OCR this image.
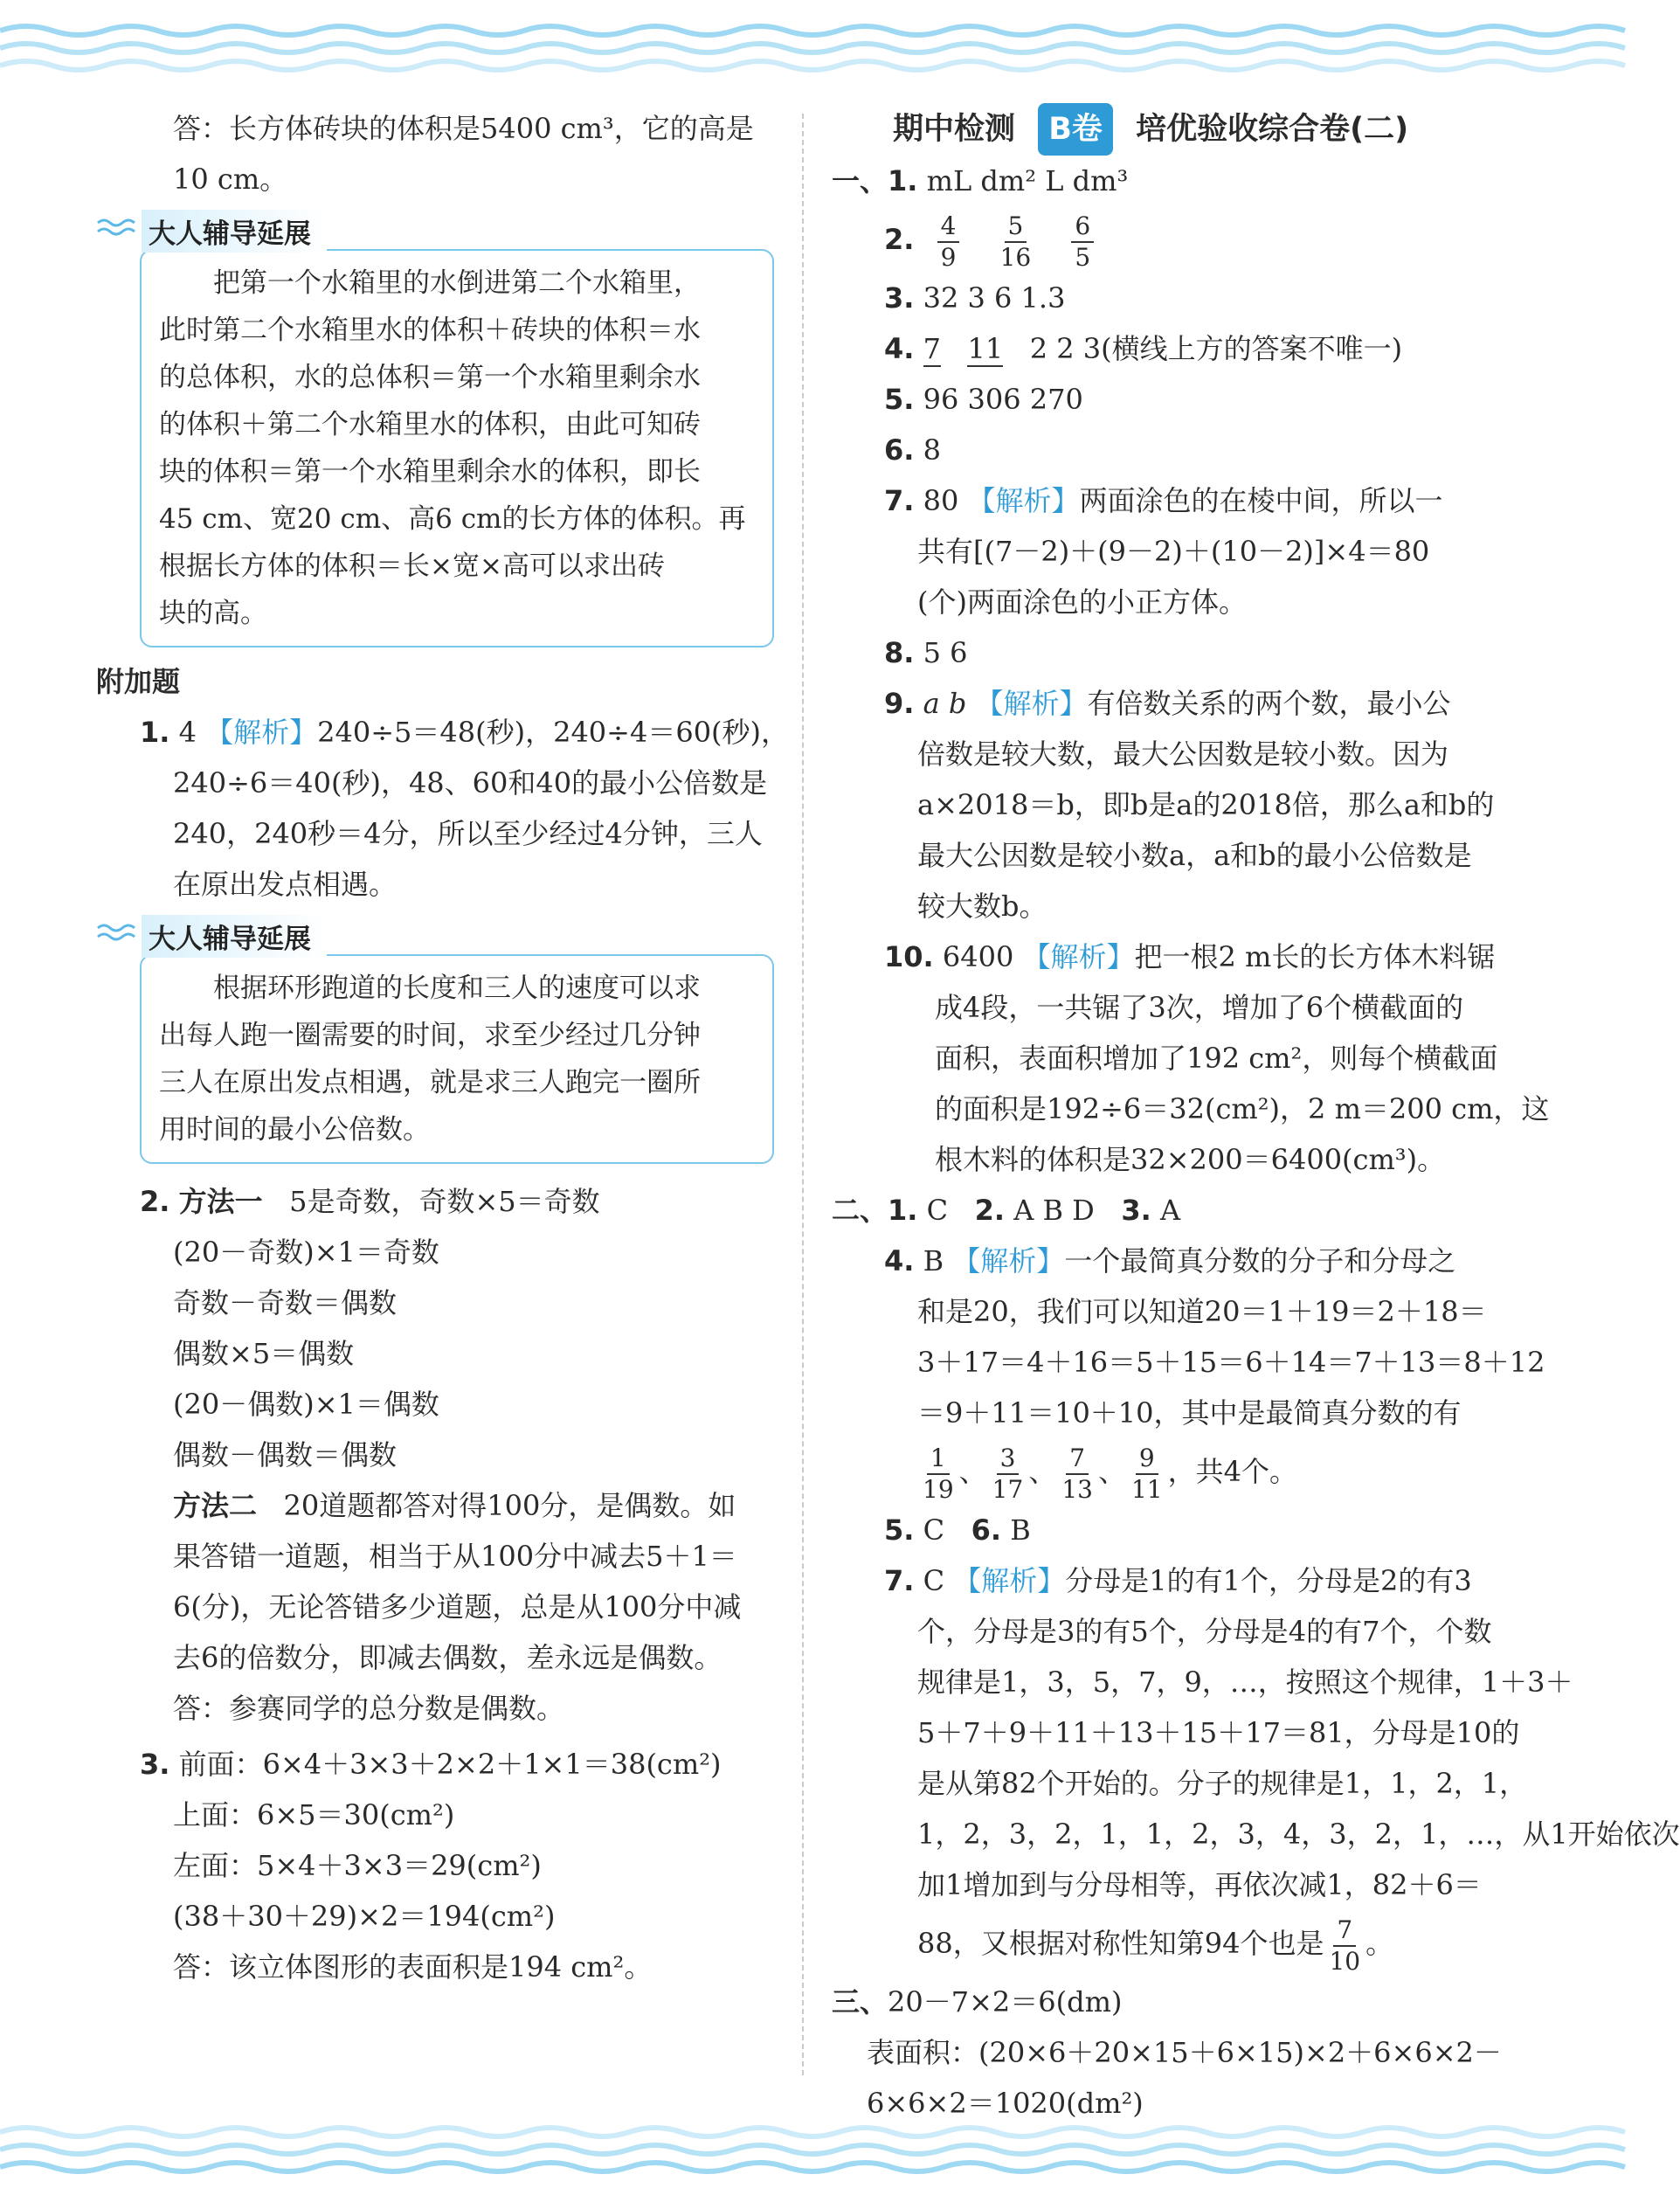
答：长方体砖块的体积是5400 cm³，它的高是

10 cm。

大人辅导延展

把第一个水箱里的水倒进第二个水箱里，

此时第二个水箱里水的体积＋砖块的体积＝水

的总体积，水的总体积＝第一个水箱里剩余水

的体积＋第二个水箱里水的体积，由此可知砖

块的体积＝第一个水箱里剩余水的体积，即长

45 cm、宽20 cm、高6 cm的长方体的体积。再

根据长方体的体积＝长×宽×高可以求出砖

块的高。

附加题

1. 4 【解析】240÷5＝48(秒)，240÷4＝60(秒)，

240÷6＝40(秒)，48、60和40的最小公倍数是

240，240秒＝4分，所以至少经过4分钟，三人

在原出发点相遇。

大人辅导延展

根据环形跑道的长度和三人的速度可以求

出每人跑一圈需要的时间，求至少经过几分钟

三人在原出发点相遇，就是求三人跑完一圈所

用时间的最小公倍数。

2. 方法一 5是奇数，奇数×5＝奇数

(20－奇数)×1＝奇数

奇数－奇数＝偶数

偶数×5＝偶数

(20－偶数)×1＝偶数

偶数－偶数＝偶数

方法二 20道题都答对得100分，是偶数。如

果答错一道题，相当于从100分中减去5＋1＝

6(分)，无论答错多少道题，总是从100分中减

去6的倍数分，即减去偶数，差永远是偶数。

答：参赛同学的总分数是偶数。

3. 前面：6×4＋3×3＋2×2＋1×1＝38(cm²)

上面：6×5＝30(cm²)

左面：5×4＋3×3＝29(cm²)

(38＋30＋29)×2＝194(cm²)

答：该立体图形的表面积是194 cm²。

期中检测 B卷 培优验收综合卷(二)

一、1. mL dm² L dm³

2. $\frac{4}{9}$
$\frac{5}{16}$
$\frac{6}{5}$

3. 32 3 6 1.3

4. 7 11 2 2 3(横线上方的答案不唯一)

5. 96 306 270

6. 8

7. 80 【解析】两面涂色的在棱中间，所以一

共有[(7－2)＋(9－2)＋(10－2)]×4＝80

(个)两面涂色的小正方体。

8. 5 6

9. a b 【解析】有倍数关系的两个数，最小公

倍数是较大数，最大公因数是较小数。因为

a×2018＝b，即b是a的2018倍，那么a和b的

最大公因数是较小数a，a和b的最小公倍数是

较大数b。

10. 6400 【解析】把一根2 m长的长方体木料锯

成4段，一共锯了3次，增加了6个横截面的

面积，表面积增加了192 cm²，则每个横截面

的面积是192÷6＝32(cm²)，2 m＝200 cm，这

根木料的体积是32×200＝6400(cm³)。

二、1. C 2. A B D 3. A

4. B 【解析】一个最简真分数的分子和分母之

和是20，我们可以知道20＝1＋19＝2＋18＝

3＋17＝4＋16＝5＋15＝6＋14＝7＋13＝8＋12

＝9＋11＝10＋10，其中是最简真分数的有

$\frac{1}{19}$ 、 $\frac{3}{17}$ 、 $\frac{7}{13}$ 、 $\frac{9}{11}$ ，共4个。

5. C 6. B

7. C 【解析】分母是1的有1个，分母是2的有3

个，分母是3的有5个，分母是4的有7个，个数

规律是1，3，5，7，9，…，按照这个规律，1＋3＋

5＋7＋9＋11＋13＋15＋17＝81，分母是10的

是从第82个开始的。分子的规律是1，1，2，1，

1，2，3，2，1，1，2，3，4，3，2，1，…，从1开始依次

加1增加到与分母相等，再依次减1，82＋6＝

88，又根据对称性知第94个也是 $\frac{7}{10}$ 。

三、20－7×2＝6(dm)

表面积：(20×6＋20×15＋6×15)×2＋6×6×2－

6×6×2＝1020(dm²)
